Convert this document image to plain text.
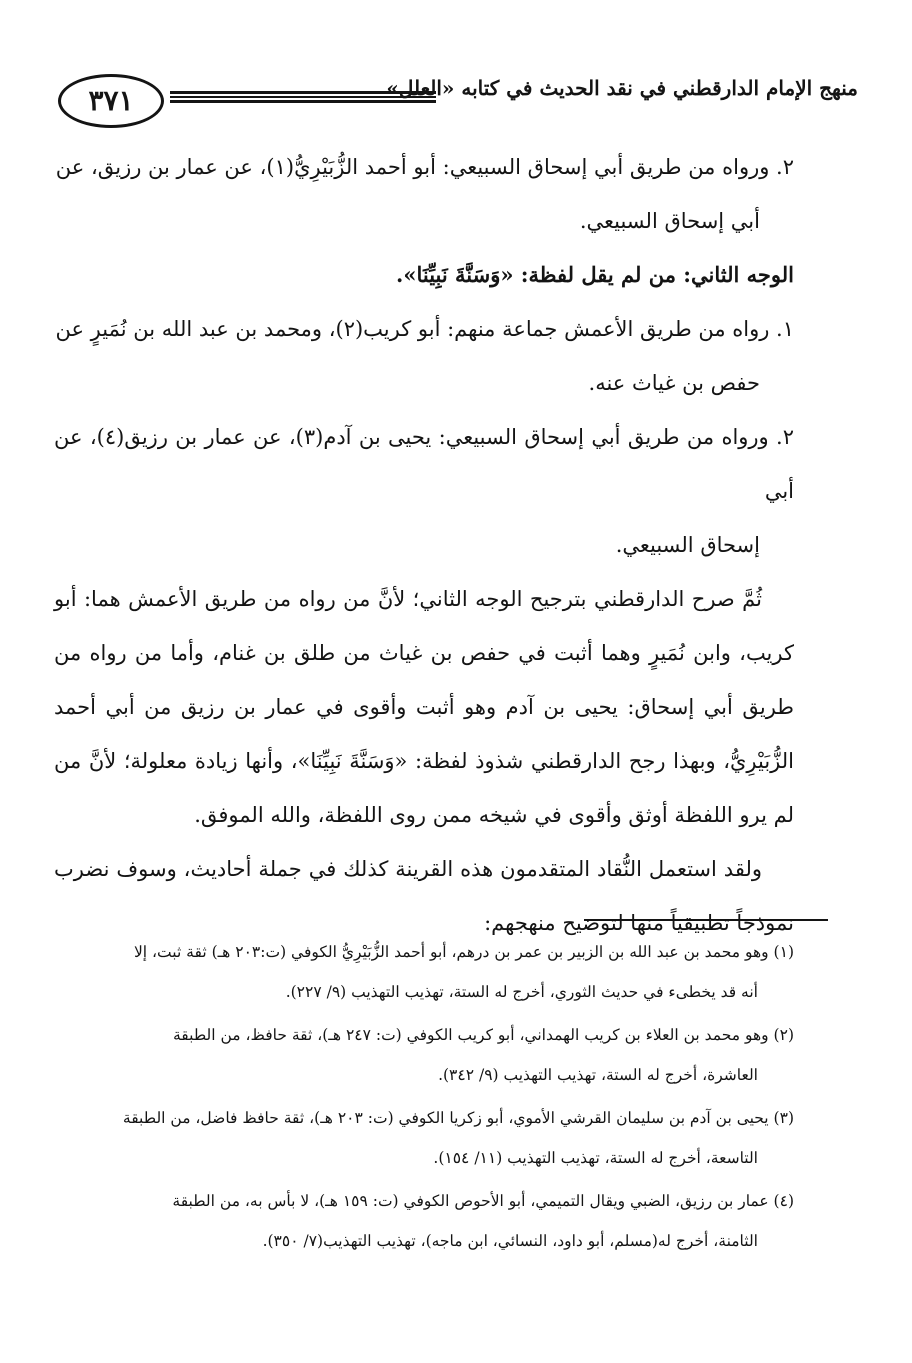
٣٧١	منهج الإمام الدارقطني في نقد الحديث في كتابه «العلل»

٢. ورواه من طريق أبي إسحاق السبيعي: أبو أحمد الزُّبَيْرِيُّ(١)، عن عمار بن رزيق، عن
أبي إسحاق السبيعي.

الوجه الثاني: من لم يقل لفظة: «وَسَنَّةَ نَبِيِّنَا».

١. رواه من طريق الأعمش جماعة منهم: أبو كريب(٢)، ومحمد بن عبد الله بن نُمَيرٍ عن
حفص بن غياث عنه.

٢. ورواه من طريق أبي إسحاق السبيعي: يحيى بن آدم(٣)، عن عمار بن رزيق(٤)، عن أبي
إسحاق السبيعي.

ثُمَّ صرح الدارقطني بترجيح الوجه الثاني؛ لأنَّ من رواه من طريق الأعمش هما: أبو كريب، وابن نُمَيرٍ وهما أثبت في حفص بن غياث من طلق بن غنام، وأما من رواه من طريق أبي إسحاق: يحيى بن آدم وهو أثبت وأقوى في عمار بن رزيق من أبي أحمد الزُّبَيْرِيُّ، وبهذا رجح الدارقطني شذوذ لفظة: «وَسَنَّةَ نَبِيِّنَا»، وأنها زيادة معلولة؛ لأنَّ من لم يرو اللفظة أوثق وأقوى في شيخه ممن روى اللفظة، والله الموفق.

ولقد استعمل النُّقاد المتقدمون هذه القرينة كذلك في جملة أحاديث، وسوف نضرب نموذجاً تطبيقياً منها لتوضيح منهجهم:

(١) وهو محمد بن عبد الله بن الزبير بن عمر بن درهم، أبو أحمد الزُّبَيْرِيُّ الكوفي (ت:٢٠٣ هـ) ثقة ثبت، إلا
أنه قد يخطىء في حديث الثوري، أخرج له الستة، تهذيب التهذيب (٩/ ٢٢٧).

(٢) وهو محمد بن العلاء بن كريب الهمداني، أبو كريب الكوفي (ت: ٢٤٧ هـ)، ثقة حافظ، من الطبقة
العاشرة، أخرج له الستة، تهذيب التهذيب (٩/ ٣٤٢).

(٣) يحيى بن آدم بن سليمان القرشي الأموي، أبو زكريا الكوفي (ت: ٢٠٣ هـ)، ثقة حافظ فاضل، من الطبقة
التاسعة، أخرج له الستة، تهذيب التهذيب (١١/ ١٥٤).

(٤) عمار بن رزيق، الضبي ويقال التميمي، أبو الأحوص الكوفي (ت: ١٥٩ هـ)، لا بأس به، من الطبقة
الثامنة، أخرج له(مسلم، أبو داود، النسائي، ابن ماجه)، تهذيب التهذيب(٧/ ٣٥٠).
